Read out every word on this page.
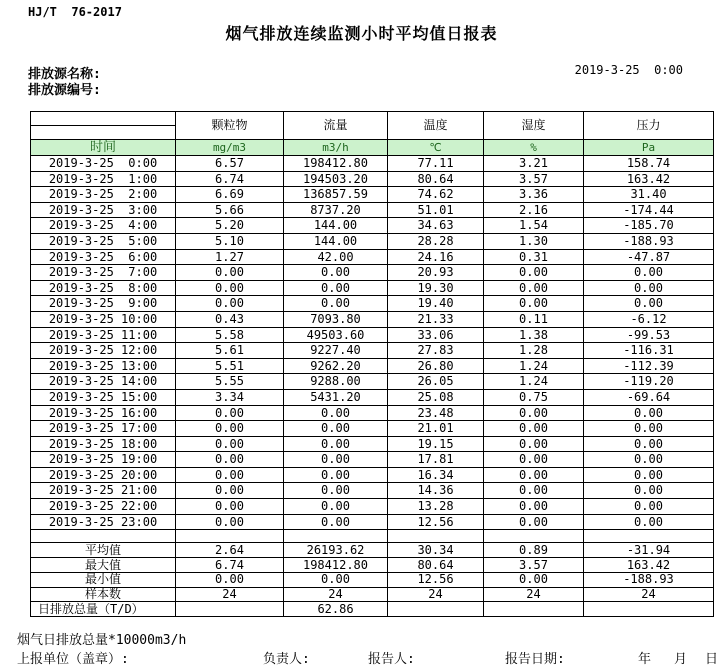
HJ/T  76-2017
烟气排放连续监测小时平均值日报表
排放源名称:
排放源编号:
2019-3-25  0:00
	颗粒物	流量	温度	湿度	压力

时间	mg/m3	m3/h	℃	%	Pa
2019-3-25  0:00	6.57	198412.80	77.11	3.21	158.74
2019-3-25  1:00	6.74	194503.20	80.64	3.57	163.42
2019-3-25  2:00	6.69	136857.59	74.62	3.36	31.40
2019-3-25  3:00	5.66	8737.20	51.01	2.16	-174.44
2019-3-25  4:00	5.20	144.00	34.63	1.54	-185.70
2019-3-25  5:00	5.10	144.00	28.28	1.30	-188.93
2019-3-25  6:00	1.27	42.00	24.16	0.31	-47.87
2019-3-25  7:00	0.00	0.00	20.93	0.00	0.00
2019-3-25  8:00	0.00	0.00	19.30	0.00	0.00
2019-3-25  9:00	0.00	0.00	19.40	0.00	0.00
2019-3-25 10:00	0.43	7093.80	21.33	0.11	-6.12
2019-3-25 11:00	5.58	49503.60	33.06	1.38	-99.53
2019-3-25 12:00	5.61	9227.40	27.83	1.28	-116.31
2019-3-25 13:00	5.51	9262.20	26.80	1.24	-112.39
2019-3-25 14:00	5.55	9288.00	26.05	1.24	-119.20
2019-3-25 15:00	3.34	5431.20	25.08	0.75	-69.64
2019-3-25 16:00	0.00	0.00	23.48	0.00	0.00
2019-3-25 17:00	0.00	0.00	21.01	0.00	0.00
2019-3-25 18:00	0.00	0.00	19.15	0.00	0.00
2019-3-25 19:00	0.00	0.00	17.81	0.00	0.00
2019-3-25 20:00	0.00	0.00	16.34	0.00	0.00
2019-3-25 21:00	0.00	0.00	14.36	0.00	0.00
2019-3-25 22:00	0.00	0.00	13.28	0.00	0.00
2019-3-25 23:00	0.00	0.00	12.56	0.00	0.00

平均值	2.64	26193.62	30.34	0.89	-31.94
最大值	6.74	198412.80	80.64	3.57	163.42
最小值	0.00	0.00	12.56	0.00	-188.93
样本数	24	24	24	24	24
日排放总量（T/D）		62.86			
烟气日排放总量*10000m3/h
上报单位（盖章）:	负责人:	报告人:	报告日期:	年 月 日
